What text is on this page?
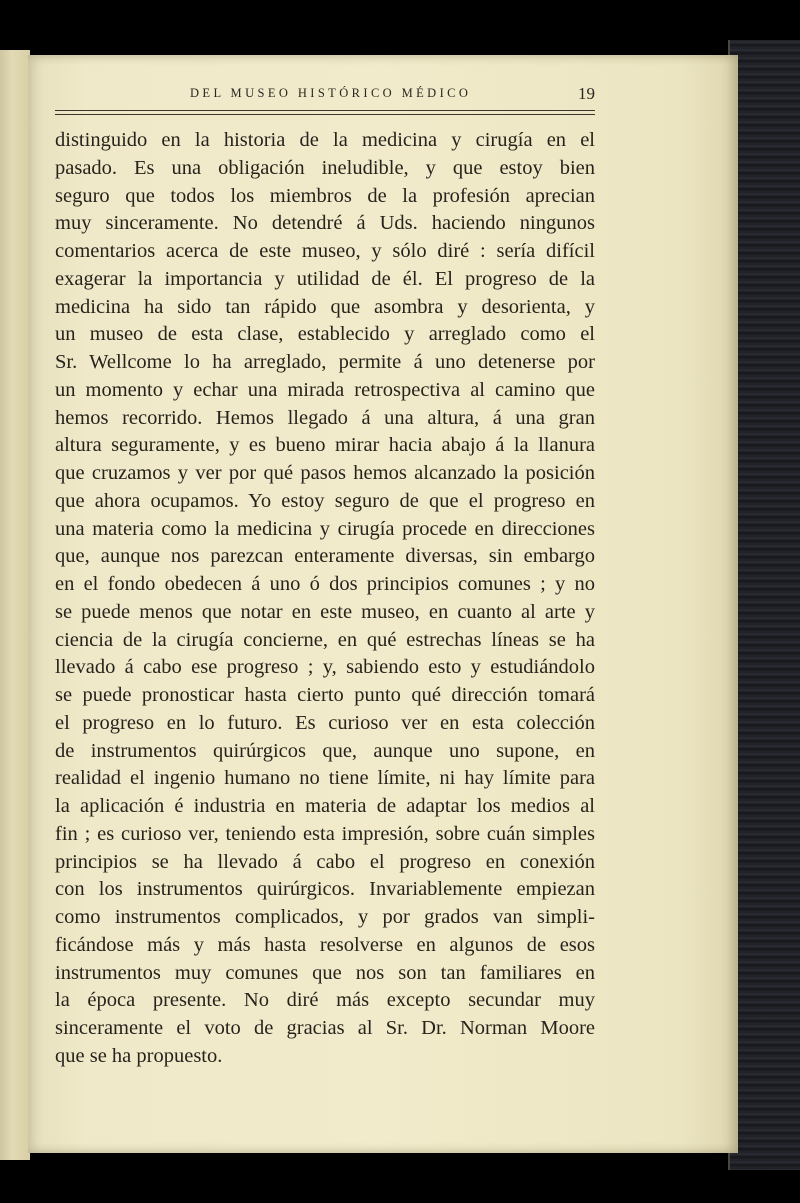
DEL MUSEO HISTÓRICO MÉDICO	19
distinguido en la historia de la medicina y cirugía en el
pasado. Es una obligación ineludible, y que estoy bien
seguro que todos los miembros de la profesión aprecian
muy sinceramente. No detendré á Uds. haciendo ningunos
comentarios acerca de este museo, y sólo diré : sería difícil
exagerar la importancia y utilidad de él. El progreso de la
medicina ha sido tan rápido que asombra y desorienta, y
un museo de esta clase, establecido y arreglado como el
Sr. Wellcome lo ha arreglado, permite á uno detenerse por
un momento y echar una mirada retrospectiva al camino que
hemos recorrido. Hemos llegado á una altura, á una gran
altura seguramente, y es bueno mirar hacia abajo á la llanura
que cruzamos y ver por qué pasos hemos alcanzado la posición
que ahora ocupamos. Yo estoy seguro de que el progreso en
una materia como la medicina y cirugía procede en direcciones
que, aunque nos parezcan enteramente diversas, sin embargo
en el fondo obedecen á uno ó dos principios comunes ; y no
se puede menos que notar en este museo, en cuanto al arte y
ciencia de la cirugía concierne, en qué estrechas líneas se ha
llevado á cabo ese progreso ; y, sabiendo esto y estudiándolo
se puede pronosticar hasta cierto punto qué dirección tomará
el progreso en lo futuro. Es curioso ver en esta colección
de instrumentos quirúrgicos que, aunque uno supone, en
realidad el ingenio humano no tiene límite, ni hay límite para
la aplicación é industria en materia de adaptar los medios al
fin ; es curioso ver, teniendo esta impresión, sobre cuán simples
principios se ha llevado á cabo el progreso en conexión
con los instrumentos quirúrgicos. Invariablemente empiezan
como instrumentos complicados, y por grados van simpli-
ficándose más y más hasta resolverse en algunos de esos
instrumentos muy comunes que nos son tan familiares en
la época presente. No diré más excepto secundar muy
sinceramente el voto de gracias al Sr. Dr. Norman Moore
que se ha propuesto.
